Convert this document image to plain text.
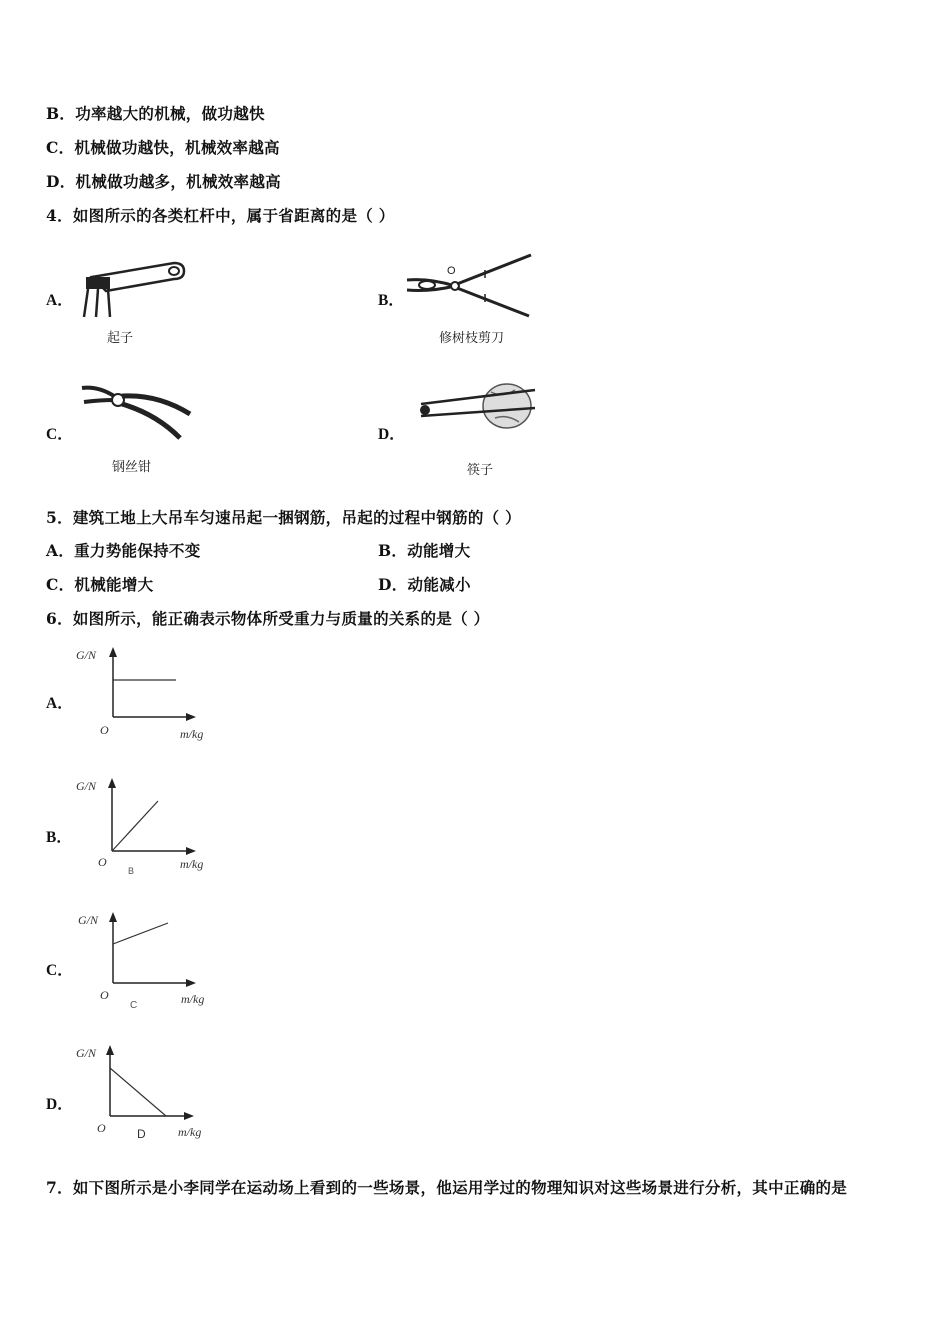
B．功率越大的机械，做功越快
C．机械做功越快，机械效率越高
D．机械做功越多，机械效率越高
4．如图所示的各类杠杆中，属于省距离的是（ ）
A．
起子
B．
O
修树枝剪刀
C．
钢丝钳
D．
筷子
5．建筑工地上大吊车匀速吊起一捆钢筋，吊起的过程中钢筋的（ ）
A．重力势能保持不变	B．动能增大
C．机械能增大	D．动能减小
6．如图所示，能正确表示物体所受重力与质量的关系的是（ ）
A．
G/N
O	m/kg
B．
G/N
O	m/kg
B
C．
G/N
O	m/kg
C
D．
G/N
O	m/kg
D
7．如下图所示是小李同学在运动场上看到的一些场景，他运用学过的物理知识对这些场景进行分析，其中正确的是
